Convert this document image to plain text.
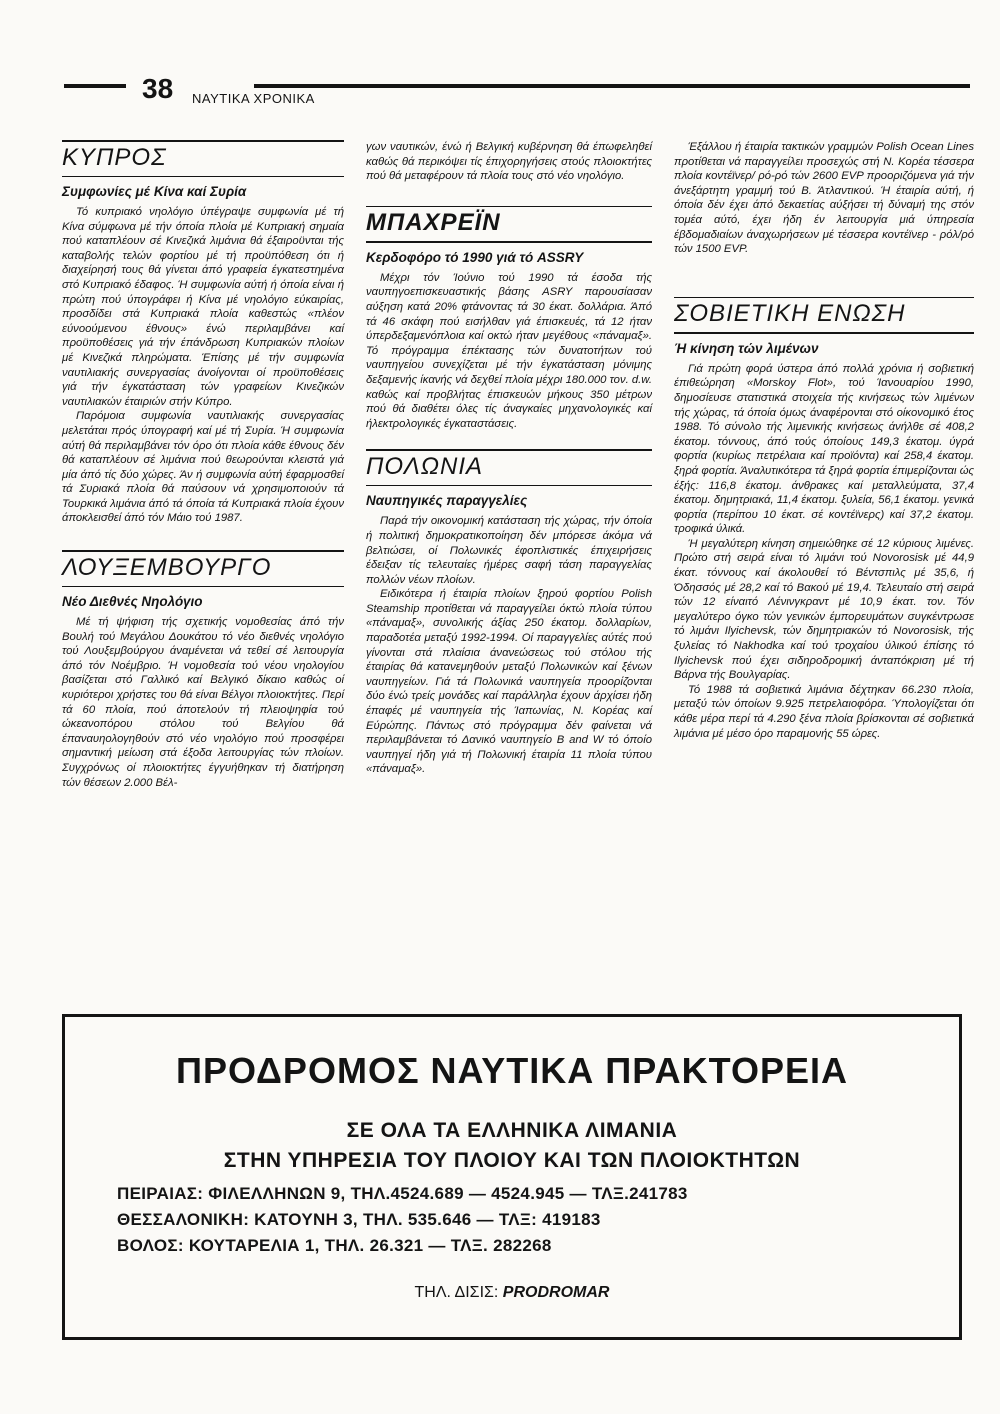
38 ΝΑΥΤΙΚΑ ΧΡΟΝΙΚΑ
ΚΥΠΡΟΣ
Συμφωνίες μέ Κίνα καί Συρία

Τό κυπριακό νηολόγιο ύπέγραψε συμφωνία μέ τή Κίνα σύμφωνα μέ τήν όποία πλοία μέ Κυπριακή σημαία πού καταπλέουν σέ Κινεζικά λιμάνια θά έξαιροϋνται τής καταβολής τελών φορτίου μέ τή προϋπόθεση ότι ή διαχείρησή τους θά γίνεται άπό γραφεία έγκατεστημένα στό Κυπριακό έδαφος. Ή συμφωνία αύτή ή όποία είναι ή πρώτη πού ύπογράφει ή Κίνα μέ νηολόγιο εύκαιρίας, προσδίδει στά Κυπριακά πλοία καθεστώς «πλέον εύνοούμενου έθνους» ένώ περιλαμβάνει καί προϋποθέσεις γιά τήν έπάνδρωση Κυπριακών πλοίων μέ Κινεζικά πληρώματα. Έπίσης μέ τήν συμφωνία ναυτιλιακής συνεργασίας άνοίγονται οί προϋποθέσεις γιά τήν έγκατάσταση τών γραφείων Κινεζικών ναυτιλιακών έταιριών στήν Κύπρο.

Παρόμοια συμφωνία ναυτιλιακής συνεργασίας μελετάται πρός ύπογραφή καί μέ τή Συρία. Ή συμφωνία αύτή θά περιλαμβάνει τόν όρο ότι πλοία κάθε έθνους δέν θά καταπλέουν σέ λιμάνια πού θεωρούνται κλειστά γιά μία άπό τίς δύο χώρες. Άν ή συμφωνία αύτή έφαρμοσθεί τά Συριακά πλοία θά παύσουν νά χρησιμοποιούν τά Τουρκικά λιμάνια άπό τά όποία τά Κυπριακά πλοία έχουν άποκλεισθεί άπό τόν Μάιο τού 1987.

ΛΟΥΞΕΜΒΟΥΡΓΟ
Νέο Διεθνές Νηολόγιο

Μέ τή ψήφιση τής σχετικής νομοθεσίας άπό τήν Βουλή τού Μεγάλου Δουκάτου τό νέο διεθνές νηολόγιο τού Λουξεμβούργου άναμένεται νά τεθεί σέ λειτουργία άπό τόν Νοέμβριο. Ή νομοθεσία τού νέου νηολογίου βασίζεται στό Γαλλικό καί Βελγικό δίκαιο καθώς οί κυριότεροι χρήστες του θά είναι Βέλγοι πλοιοκτήτες. Περί τά 60 πλοία, πού άποτελούν τή πλειοψηφία τού ώκεανοπόρου στόλου τού Βελγίου θά έπαναυηολογηθούν στό νέο νηολόγιο πού προσφέρει σημαντική μείωση στά έξοδα λειτουργίας τών πλοίων. Συγχρόνως οί πλοιοκτήτες έγγυήθηκαν τή διατήρηση τών θέσεων 2.000 Βέλ-

γων ναυτικών, ένώ ή Βελγική κυβέρνηση θά έπωφεληθεί καθώς θά περικόψει τίς έπιχορηγήσεις στούς πλοιοκτήτες πού θά μεταφέρουν τά πλοία τους στό νέο νηολόγιο.

ΜΠΑΧΡΕΪΝ
Κερδοφόρο τό 1990 γιά τό ASSRY

Μέχρι τόν Ίούνιο τού 1990 τά έσοδα τής ναυπηγοεπισκευαστικής βάσης ASRY παρουσίασαν αύξηση κατά 20% φτάνοντας τά 30 έκατ. δολλάρια. Άπό τά 46 σκάφη πού εισήλθαν γιά έπισκευές, τά 12 ήταν ύπερδεξαμενόπλοια καί οκτώ ήταν μεγέθους «πάναμαξ». Τό πρόγραμμα έπέκτασης τών δυνατοτήτων τού ναυπηγείου συνεχίζεται μέ τήν έγκατάσταση μόνιμης δεξαμενής ίκανής νά δεχθεί πλοία μέχρι 180.000 τον. d.w. καθώς καί προβλήτας έπισκευών μήκους 350 μέτρων πού θά διαθέτει όλες τίς άναγκαίες μηχανολογικές καί ήλεκτρολογικές έγκαταστάσεις.

ΠΟΛΩΝΙΑ
Ναυπηγικές παραγγελίες

Παρά τήν οικονομική κατάσταση τής χώρας, τήν όποία ή πολιτική δημοκρατικοποίηση δέν μπόρεσε άκόμα νά βελτιώσει, οί Πολωνικές έφοπλιστικές έπιχειρήσεις έδειξαν τίς τελευταίες ήμέρες σαφή τάση παραγγελίας πολλών νέων πλοίων.

Ειδικότερα ή έταιρία πλοίων ξηρού φορτίου Polish Steamship προτίθεται νά παραγγείλει όκτώ πλοία τύπου «πάναμαξ», συνολικής άξίας 250 έκατομ. δολλαρίων, παραδοτέα μεταξύ 1992-1994. Οί παραγγελίες αύτές πού γίνονται στά πλαίσια άνανεώσεως τού στόλου τής έταιρίας θά κατανεμηθούν μεταξύ Πολωνικών καί ξένων ναυπηγείων. Γιά τά Πολωνικά ναυπηγεία προορίζονται δύο ένώ τρείς μονάδες καί παράλληλα έχουν άρχίσει ήδη έπαφές μέ ναυπηγεία τής Ίαπωνίας, Ν. Κορέας καί Εύρώπης. Πάντως στό πρόγραμμα δέν φαίνεται νά περιλαμβάνεται τό Δανικό ναυπηγείο B and W τό όποίο ναυπηγεί ήδη γιά τή Πολωνική έταιρία 11 πλοία τύπου «πάναμαξ».

Έξάλλου ή έταιρία τακτικών γραμμών Polish Ocean Lines προτίθεται νά παραγγείλει προσεχώς στή Ν. Κορέα τέσσερα πλοία κοντέϊνερ/ ρό-ρό τών 2600 EVP προοριζόμενα γιά τήν άνεξάρτητη γραμμή τού Β. Άτλαντικού. Ή έταιρία αύτή, ή όποία δέν έχει άπό δεκαετίας αύξήσει τή δύναμή της στόν τομέα αύτό, έχει ήδη έν λειτουργία μιά ύπηρεσία έβδομαδιαίων άναχωρήσεων μέ τέσσερα κοντέϊνερ - ρόλ/ρό τών 1500 EVP.

ΣΟΒΙΕΤΙΚΗ ΕΝΩΣΗ
Ή κίνηση τών λιμένων

Γιά πρώτη φορά ύστερα άπό πολλά χρόνια ή σοβιετική έπιθεώρηση «Morskoy Flot», τού Ίανουαρίου 1990, δημοσίευσε στατιστικά στοιχεία τής κινήσεως τών λιμένων τής χώρας, τά όποία όμως άναφέρονται στό οίκονομικό έτος 1988. Τό σύνολο τής λιμενικής κινήσεως άνήλθε σέ 408,2 έκατομ. τόνvους, άπό τούς όποίους 149,3 έκατομ. ύγρά φορτία (κυρίως πετρέλαια καί προϊόντα) καί 258,4 έκατομ. ξηρά φορτία. Άναλυτικότερα τά ξηρά φορτία έπιμερίζονται ώς έξής: 116,8 έκατομ. άνθρακες καί μεταλλεύματα, 37,4 έκατομ. δημητριακά, 11,4 έκατομ. ξυλεία, 56,1 έκατομ. γενικά φορτία (περίπου 10 έκατ. σέ κοντέϊνερς) καί 37,2 έκατομ. τροφικά ύλικά.

Ή μεγαλύτερη κίνηση σημειώθηκε σέ 12 κύριους λιμένες. Πρώτο στή σειρά είναι τό λιμάνι τού Novorosisk μέ 44,9 έκατ. τόννους καί άκολουθεί τό Βέντσπιλς μέ 35,6, ή Όδησσός μέ 28,2 καί τό Βακού μέ 19,4. Τελευταίο στή σειρά τών 12 είναιτό Λένινγκραντ μέ 10,9 έκατ. τον. Τόν μεγαλύτερο όγκο τών γενικών έμπορευμάτων συγκέντρωσε τό λιμάνι Ilyichevsk, τών δημητριακών τό Novorosisk, τής ξυλείας τό Nakhodka καί τού τροχαίου ύλικού έπίσης τό Ilyichevsk πού έχει σιδηροδρομική άνταπόκριση μέ τή Βάρνα τής Βουλγαρίας.

Τό 1988 τά σοβιετικά λιμάνια δέχτηκαν 66.230 πλοία, μεταξύ τών όποίων 9.925 πετρελαιοφόρα. Ύπολογίζεται ότι κάθε μέρα περί τά 4.290 ξένα πλοία βρίσκονται σέ σοβιετικά λιμάνια μέ μέσο όρο παραμονής 55 ώρες.

ΠΡΟΔΡΟΜΟΣ ΝΑΥΤΙΚΑ ΠΡΑΚΤΟΡΕΙΑ
ΣΕ ΟΛΑ ΤΑ ΕΛΛΗΝΙΚΑ ΛΙΜΑΝΙΑ
ΣΤΗΝ ΥΠΗΡΕΣΙΑ ΤΟΥ ΠΛΟΙΟΥ ΚΑΙ ΤΩΝ ΠΛΟΙΟΚΤΗΤΩΝ
ΠΕΙΡΑΙΑΣ: ΦΙΛΕΛΛΗΝΩΝ 9, ΤΗΛ.4524.689 — 4524.945 — ΤΛΞ.241783
ΘΕΣΣΑΛΟΝΙΚΗ: ΚΑΤΟΥΝΗ 3, ΤΗΛ. 535.646 — ΤΛΞ: 419183
ΒΟΛΟΣ: ΚΟΥΤΑΡΕΛΙΑ 1, ΤΗΛ. 26.321 — ΤΛΞ. 282268
ΤΗΛ. ΔΙΣΙΣ: PRODROMAR
